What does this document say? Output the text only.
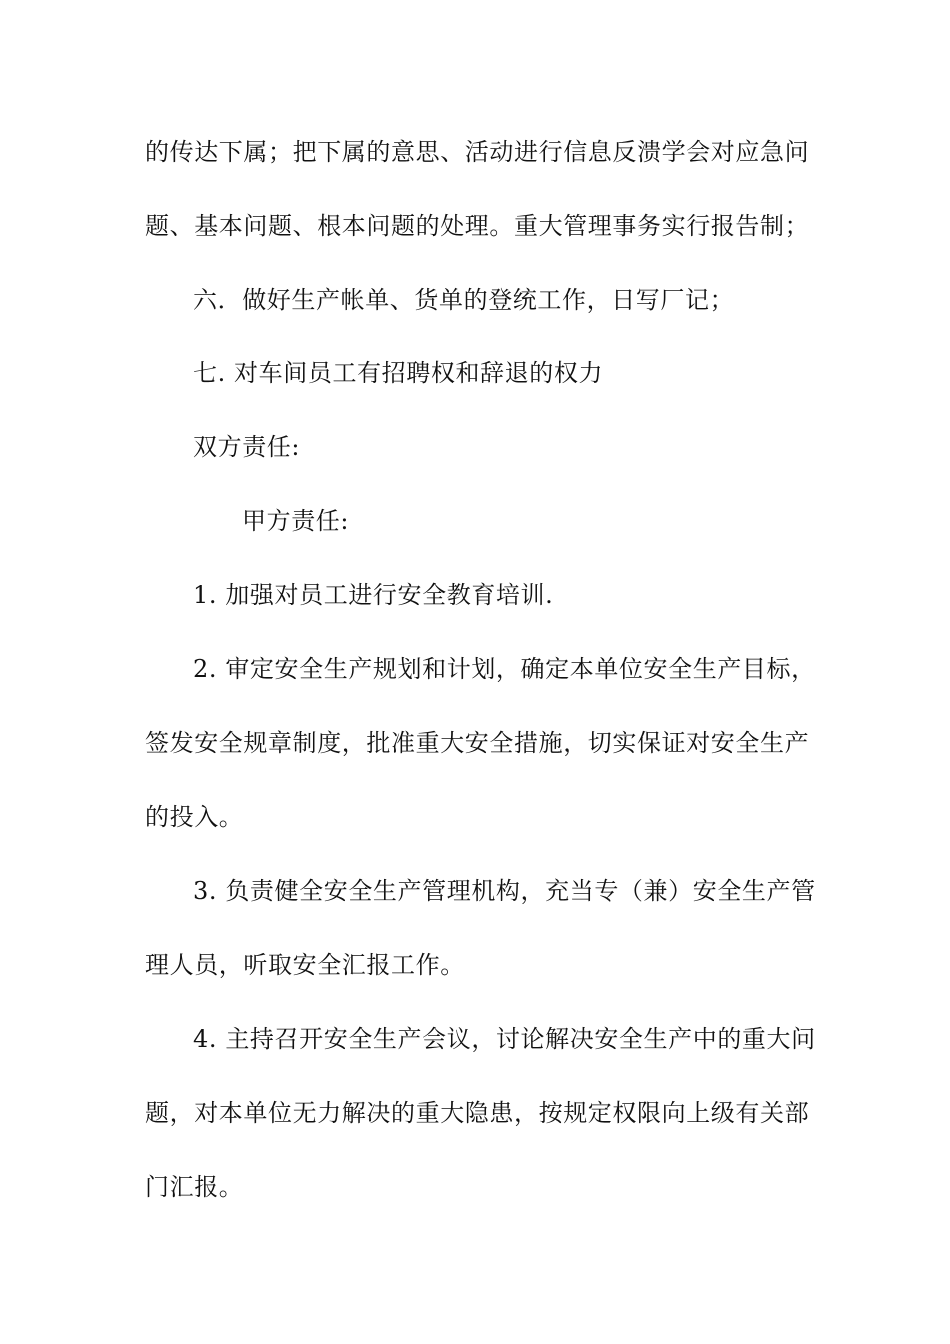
的传达下属；把下属的意思、活动进行信息反溃学会对应急问
题、基本问题、根本问题的处理。重大管理事务实行报告制；
六．做好生产帐单、货单的登统工作，日写厂记；
七. 对车间员工有招聘权和辞退的权力
双方责任:
甲方责任:
1. 加强对员工进行安全教育培训.
2. 审定安全生产规划和计划，确定本单位安全生产目标，
签发安全规章制度，批准重大安全措施，切实保证对安全生产
的投入。
3. 负责健全安全生产管理机构，充当专（兼）安全生产管
理人员，听取安全汇报工作。
4. 主持召开安全生产会议，讨论解决安全生产中的重大问
题，对本单位无力解决的重大隐患，按规定权限向上级有关部
门汇报。
